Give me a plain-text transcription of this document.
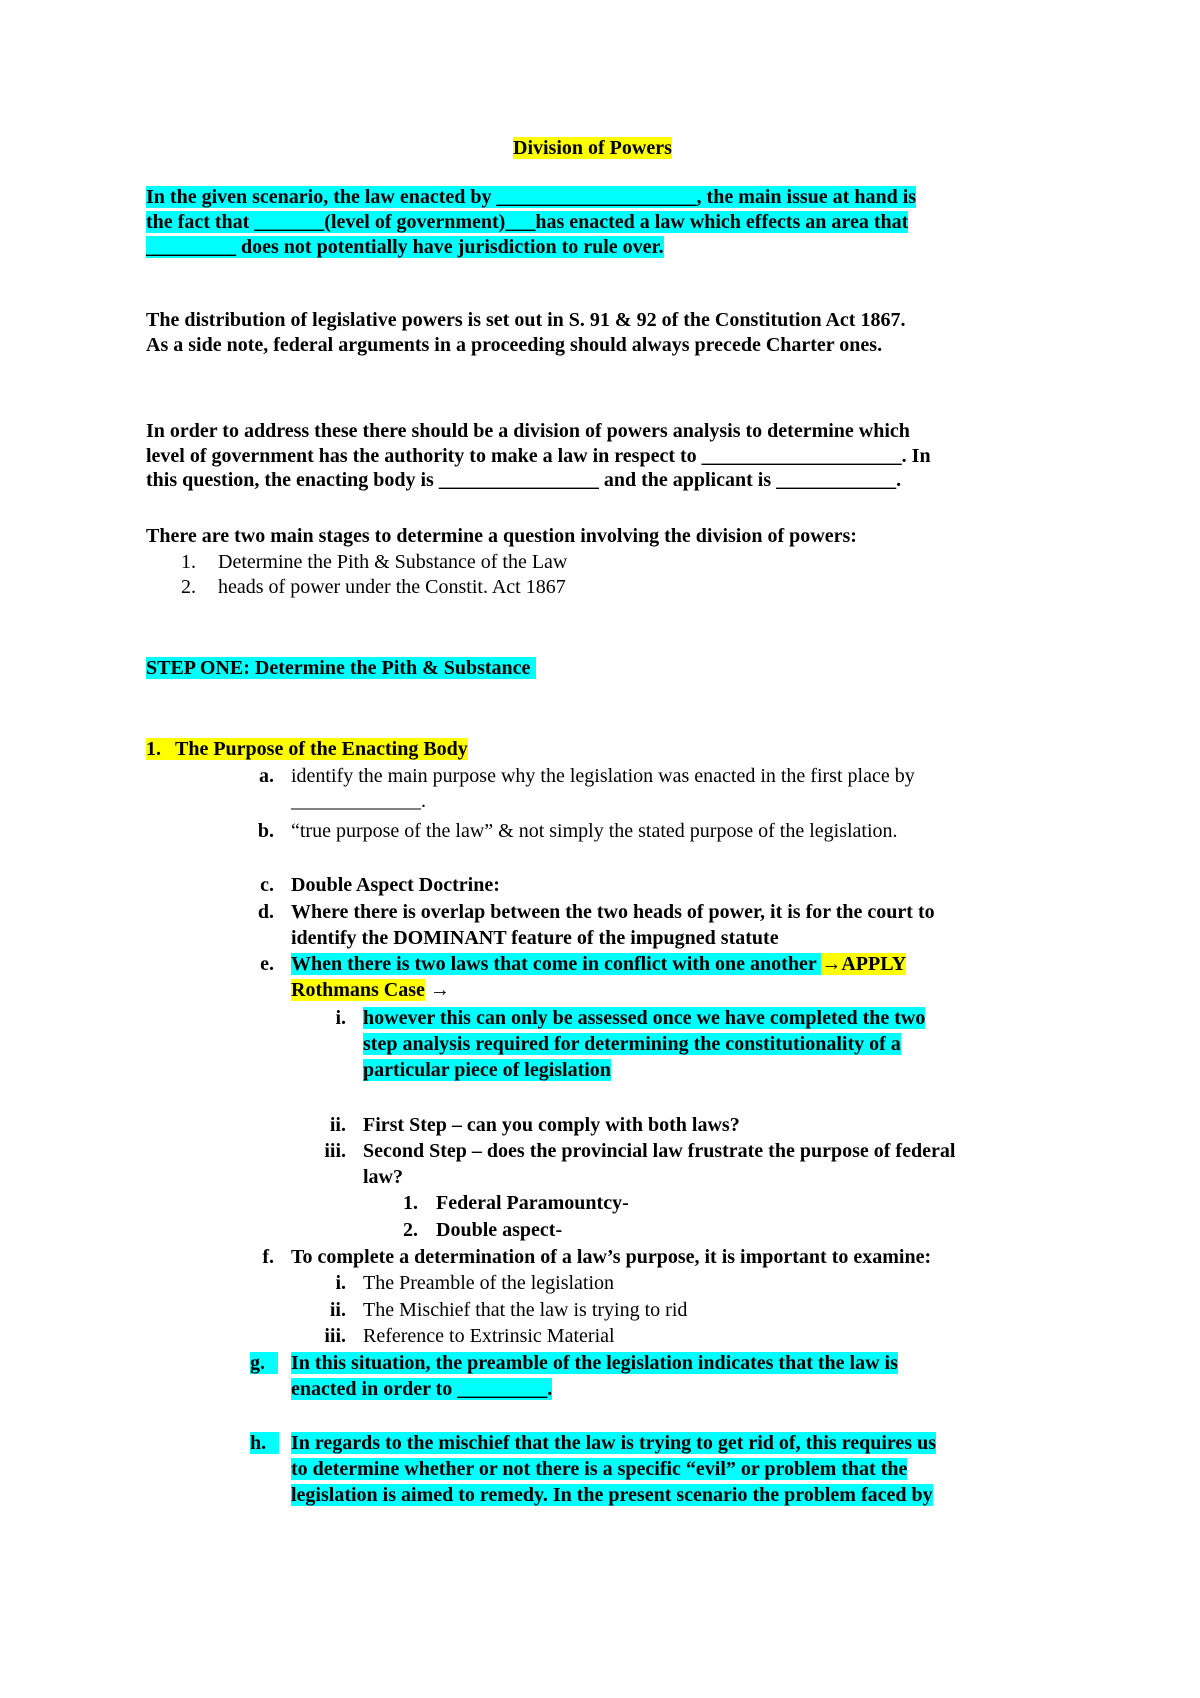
Division of Powers
In the given scenario, the law enacted by ____________________, the main issue at hand is
the fact that _______(level of government)___has enacted a law which effects an area that
_________ does not potentially have jurisdiction to rule over.
The distribution of legislative powers is set out in S. 91 & 92 of the Constitution Act 1867.
As a side note, federal arguments in a proceeding should always precede Charter ones.
In order to address these there should be a division of powers analysis to determine which
level of government has the authority to make a law in respect to ____________________. In
this question, the enacting body is ________________ and the applicant is ____________.
There are two main stages to determine a question involving the division of powers:
1. Determine the Pith & Substance of the Law
2. heads of power under the Constit. Act 1867
STEP ONE: Determine the Pith & Substance
1. The Purpose of the Enacting Body
a. identify the main purpose why the legislation was enacted in the first place by
_____________.
b. “true purpose of the law” & not simply the stated purpose of the legislation.
c. Double Aspect Doctrine:
d. Where there is overlap between the two heads of power, it is for the court to
identify the DOMINANT feature of the impugned statute
e. When there is two laws that come in conflict with one another →APPLY
Rothmans Case →
i. however this can only be assessed once we have completed the two
step analysis required for determining the constitutionality of a
particular piece of legislation
ii. First Step – can you comply with both laws?
iii. Second Step – does the provincial law frustrate the purpose of federal
law?
1. Federal Paramountcy-
2. Double aspect-
f. To complete a determination of a law’s purpose, it is important to examine:
i. The Preamble of the legislation
ii. The Mischief that the law is trying to rid
iii. Reference to Extrinsic Material
g.	In this situation, the preamble of the legislation indicates that the law is
enacted in order to _________.
h.	In regards to the mischief that the law is trying to get rid of, this requires us
to determine whether or not there is a specific “evil” or problem that the
legislation is aimed to remedy. In the present scenario the problem faced by
